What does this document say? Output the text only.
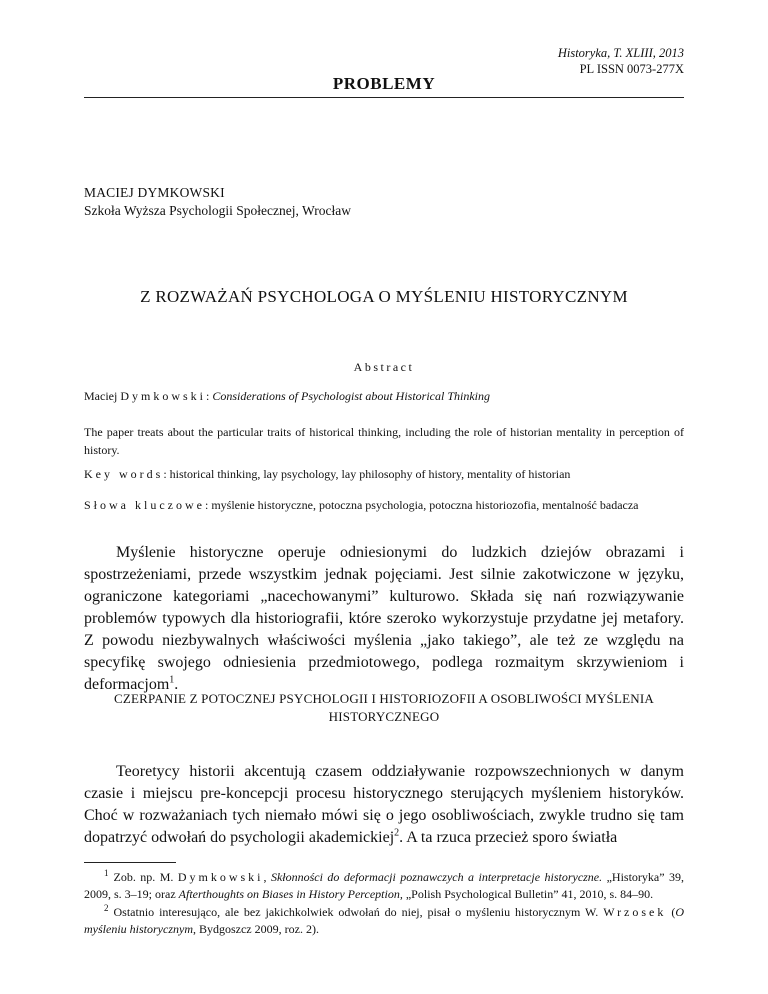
Historyka, T. XLIII, 2013
PL ISSN 0073-277X
PROBLEMY
MACIEJ DYMKOWSKI
Szkoła Wyższa Psychologii Społecznej, Wrocław
Z ROZWAŻAŃ PSYCHOLOGA O MYŚLENIU HISTORYCZNYM
Abstract
Maciej Dymkowski: Considerations of Psychologist about Historical Thinking
The paper treats about the particular traits of historical thinking, including the role of historian mentality in perception of history.
Key words: historical thinking, lay psychology, lay philosophy of history, mentality of historian
Słowa kluczowe: myślenie historyczne, potoczna psychologia, potoczna historiozofia, mentalność badacza
Myślenie historyczne operuje odniesionymi do ludzkich dziejów obrazami i spostrzeżeniami, przede wszystkim jednak pojęciami. Jest silnie zakotwiczone w języku, ograniczone kategoriami „nacechowanymi” kulturowo. Składa się nań rozwiązywanie problemów typowych dla historiografii, które szeroko wykorzystuje przydatne jej metafory. Z powodu niezbywalnych właściwości myślenia „jako takiego”, ale też ze względu na specyfikę swojego odniesienia przedmiotowego, podlega rozmaitym skrzywieniom i deformacjom$^1$.
CZERPANIE Z POTOCZNEJ PSYCHOLOGII I HISTORIOZOFII A OSOBLIWOŚCI MYŚLENIA HISTORYCZNEGO
Teoretycy historii akcentują czasem oddziaływanie rozpowszechnionych w danym czasie i miejscu pre-koncepcji procesu historycznego sterujących myśleniem historyków. Choć w rozważaniach tych niemało mówi się o jego osobliwościach, zwykle trudno się tam dopatrzyć odwołań do psychologii akademickiej$^2$. A ta rzuca przecież sporo światła

$^1$ Zob. np. M. Dymkowski, Skłonności do deformacji poznawczych a interpretacje historyczne. „Historyka” 39, 2009, s. 3–19; oraz Afterthoughts on Biases in History Perception, „Polish Psychological Bulletin” 41, 2010, s. 84–90.

$^2$ Ostatnio interesująco, ale bez jakichkolwiek odwołań do niej, pisał o myśleniu historycznym W. Wrzosek (O myśleniu historycznym, Bydgoszcz 2009, roz. 2).
